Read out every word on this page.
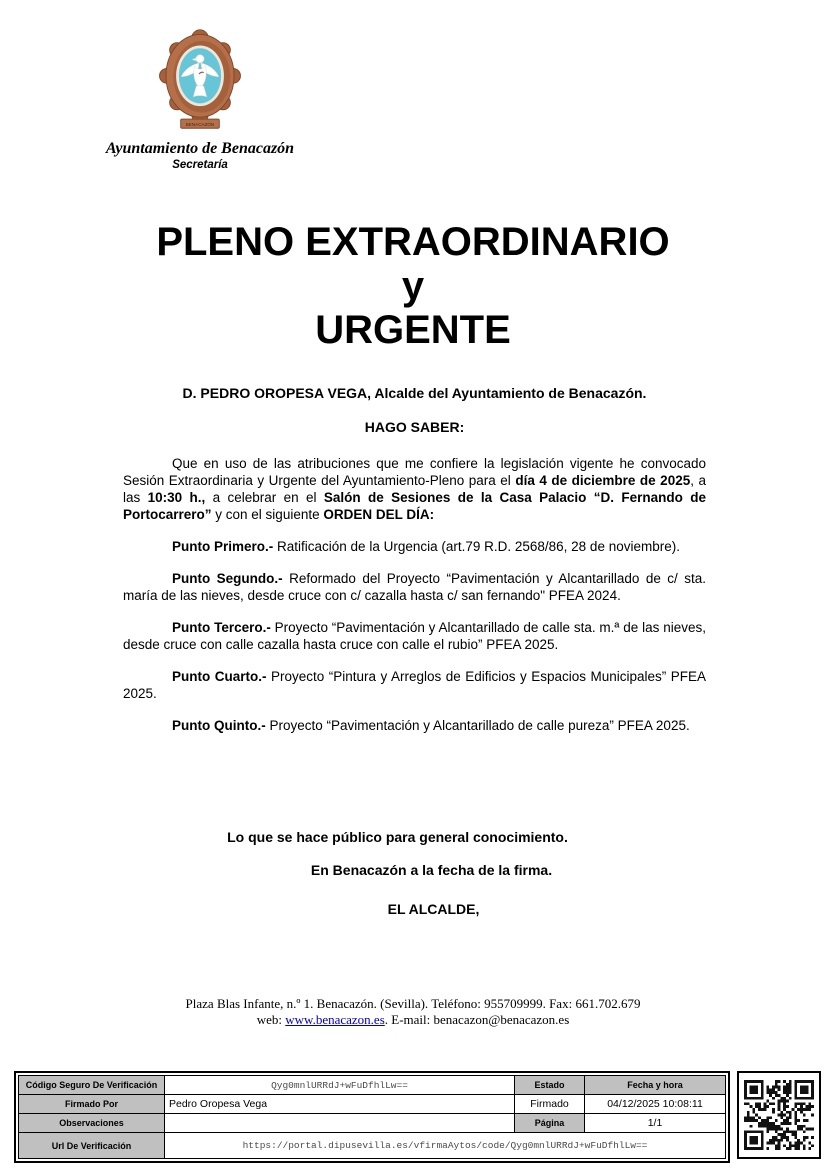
BENACAZÓN
Ayuntamiento de Benacazón
Secretaría
PLENO EXTRAORDINARIO
y
URGENTE

D. PEDRO OROPESA VEGA, Alcalde del Ayuntamiento de Benacazón.

HAGO SABER:

Que en uso de las atribuciones que me confiere la legislación vigente he convocado Sesión Extraordinaria y Urgente del Ayuntamiento-Pleno para el día 4 de diciembre de 2025, a las 10:30 h., a celebrar en el Salón de Sesiones de la Casa Palacio “D. Fernando de Portocarrero” y con el siguiente ORDEN DEL DÍA:

Punto Primero.- Ratificación de la Urgencia (art.79 R.D. 2568/86, 28 de noviembre).

Punto Segundo.- Reformado del Proyecto “Pavimentación y Alcantarillado de c/ sta. maría de las nieves, desde cruce con c/ cazalla hasta c/ san fernando" PFEA 2024.

Punto Tercero.- Proyecto “Pavimentación y Alcantarillado de calle sta. m.ª de las nieves, desde cruce con calle cazalla hasta cruce con calle el rubio” PFEA 2025.

Punto Cuarto.- Proyecto “Pintura y Arreglos de Edificios y Espacios Municipales” PFEA 2025.

Punto Quinto.- Proyecto “Pavimentación y Alcantarillado de calle pureza” PFEA 2025.

Lo que se hace público para general conocimiento.

En Benacazón a la fecha de la firma.

EL ALCALDE,

Plaza Blas Infante, n.º 1. Benacazón. (Sevilla). Teléfono: 955709999. Fax: 661.702.679
web: www.benacazon.es. E-mail: benacazon@benacazon.es
Código Seguro De Verificación	Qyg0mnlURRdJ+wFuDfhlLw==	Estado	Fecha y hora
Firmado Por	Pedro Oropesa Vega	Firmado	04/12/2025 10:08:11
Observaciones		Página	1/1
Url De Verificación	https://portal.dipusevilla.es/vfirmaAytos/code/Qyg0mnlURRdJ+wFuDfhlLw==		
